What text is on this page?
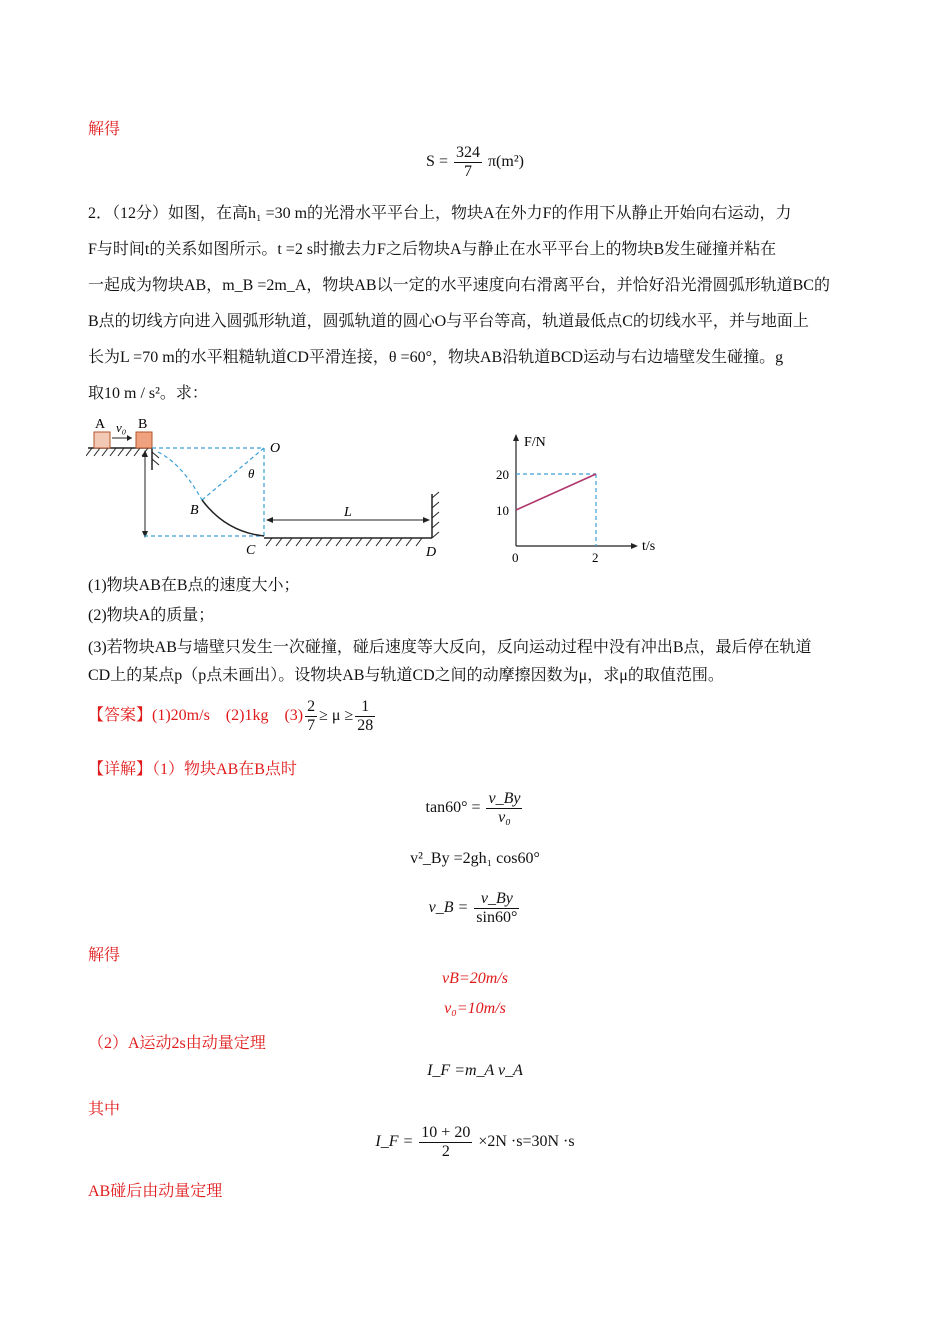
解得
$S = \frac{324}{7} \pi(m^2)$
2．（12分）如图，在高h₁ =30 m的光滑水平平台上，物块A在外力F的作用下从静止开始向右运动，力
F与时间t的关系如图所示。t =2 s时撤去力F之后物块A与静止在水平平台上的物块B发生碰撞并粘在
一起成为物块AB，m_B =2m_A，物块AB以一定的水平速度向右滑离平台，并恰好沿光滑圆弧形轨道BC的
B点的切线方向进入圆弧形轨道，圆弧轨道的圆心O与平台等高，轨道最低点C的切线水平，并与地面上
长为L =70 m的水平粗糙轨道CD平滑连接，θ =60°，物块AB沿轨道BCD运动与右边墙壁发生碰撞。g
取10 m / s²。求：
A B
v₀
O
θ
B
C	D
L
F/N
t/s
0
20
10
2
(1)物块AB在B点的速度大小；
(2)物块A的质量；
(3)若物块AB与墙壁只发生一次碰撞，碰后速度等大反向，反向运动过程中没有冲出B点，最后停在轨道
CD上的某点p（p点未画出）。设物块AB与轨道CD之间的动摩擦因数为μ，求μ的取值范围。
【答案】(1)20m/s　(2)1kg　$(3) \frac{2}{7} \ge \mu \ge \frac{1}{28}$
【详解】（1）物块AB在B点时
$\tan 60^\circ = \frac{v\_By}{\text{v₀}}$
v²_By =2gh₁ cos60°
v_B = $\frac{v\_By}{\sin 60^\circ}$
解得
vB=20m/s
v₀=10m/s
（2）A运动2s由动量定理
I_F =m_A v_A
其中
I_F = $\frac{10 + 20}{2} \times 2N \cdot s=30N \cdot s$
AB碰后由动量定理
